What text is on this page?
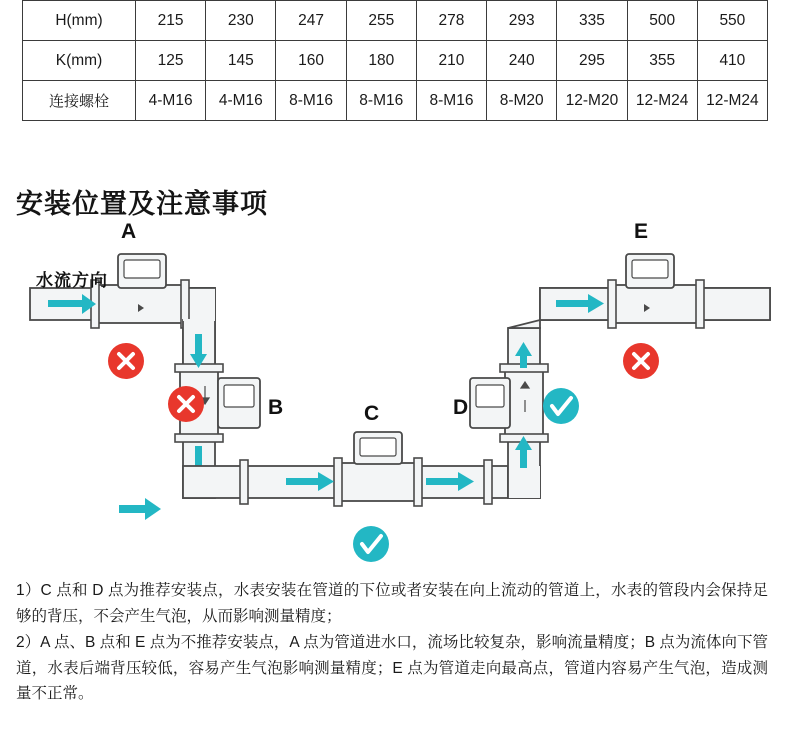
H(mm)	215	230	247	255	278	293	335	500	550
K(mm)	125	145	160	180	210	240	295	355	410
连接螺栓	4-M16	4-M16	8-M16	8-M16	8-M16	8-M20	12-M20	12-M24	12-M24
安装位置及注意事项
A
B	C	D
E
水流方向

1）C 点和 D 点为推荐安装点，水表安装在管道的下位或者安装在向上流动的管道上，水表的管段内会保持足够的背压，不会产生气泡，从而影响测量精度；

2）A 点、B 点和 E 点为不推荐安装点，A 点为管道进水口，流场比较复杂，影响流量精度；B 点为流体向下管道，水表后端背压较低，容易产生气泡影响测量精度；E 点为管道走向最高点，管道内容易产生气泡，造成测量不正常。
